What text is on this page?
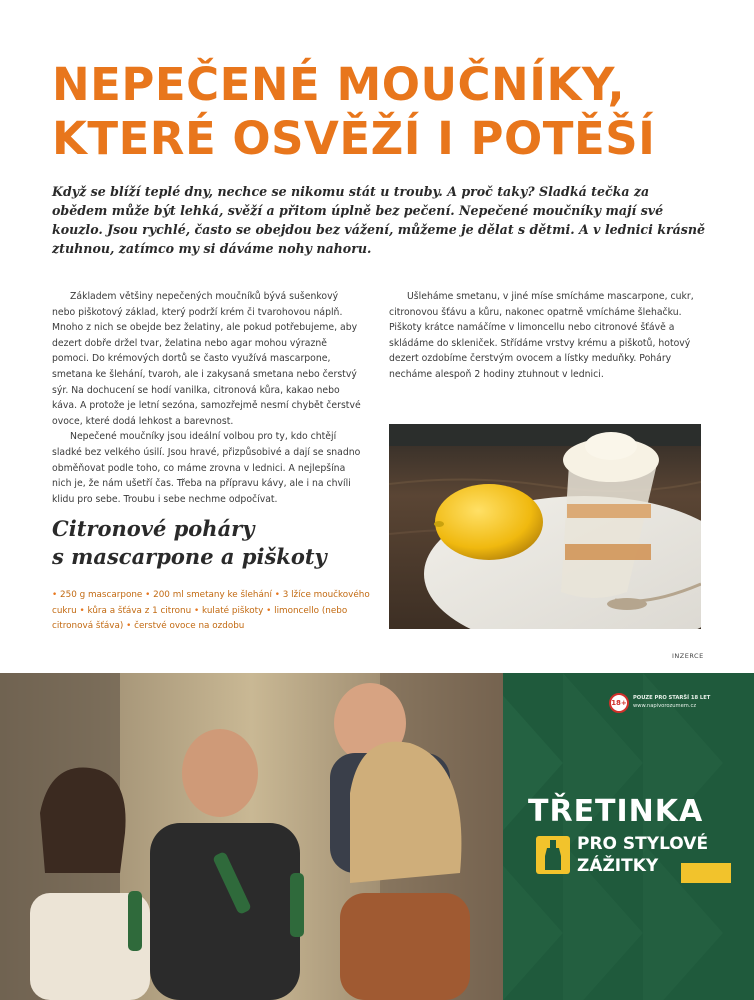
NEPEČENÉ MOUČNÍKY,
KTERÉ OSVĚŽÍ I POTĚŠÍ

Když se blíží teplé dny, nechce se nikomu stát u trouby. A proč taky? Sladká tečka za obědem může být lehká, svěží a přitom úplně bez pečení. Nepečené moučníky mají své kouzlo. Jsou rychlé, často se obejdou bez vážení, můžeme je dělat s dětmi. A v lednici krásně ztuhnou, zatímco my si dáváme nohy nahoru.

Základem většiny nepečených moučníků bývá sušenkový nebo piškotový základ, který podrží krém či tvarohovou náplň. Mnoho z nich se obejde bez želatiny, ale pokud potřebujeme, aby dezert dobře držel tvar, želatina nebo agar mohou výrazně pomoci. Do krémových dortů se často využívá mascarpone, smetana ke šlehání, tvaroh, ale i zakysaná smetana nebo čerstvý sýr. Na dochucení se hodí vanilka, citronová kůra, kakao nebo káva. A protože je letní sezóna, samozřejmě nesmí chybět čerstvé ovoce, které dodá lehkost a barevnost.

Nepečené moučníky jsou ideální volbou pro ty, kdo chtějí sladké bez velkého úsilí. Jsou hravé, přizpůsobivé a dají se snadno obměňovat podle toho, co máme zrovna v lednici. A nejlepšína nich je, že nám ušetří čas. Třeba na přípravu kávy, ale i na chvíli klidu pro sebe. Troubu i sebe nechme odpočívat.

Citronové poháry
s mascarpone a piškoty
• 250 g mascarpone • 200 ml smetany ke šlehání • 3 lžíce moučkového cukru • kůra a šťáva z 1 citronu • kulaté piškoty • limoncello (nebo citronová šťáva) • čerstvé ovoce na ozdobu

Ušleháme smetanu, v jiné míse smícháme mascarpone, cukr, citronovou šťávu a kůru, nakonec opatrně vmícháme šlehačku. Piškoty krátce namáčíme v limoncellu nebo citronové šťávě a skládáme do skleniček. Střídáme vrstvy krému a piškotů, hotový dezert ozdobíme čerstvým ovocem a lístky meduňky. Poháry necháme alespoň 2 hodiny ztuhnout v lednici.

INZERCE
18+
POUZE PRO STARŠÍ 18 LET
www.napivorozumem.cz
TŘETINKA
PRO STYLOVÉ
ZÁŽITKY
